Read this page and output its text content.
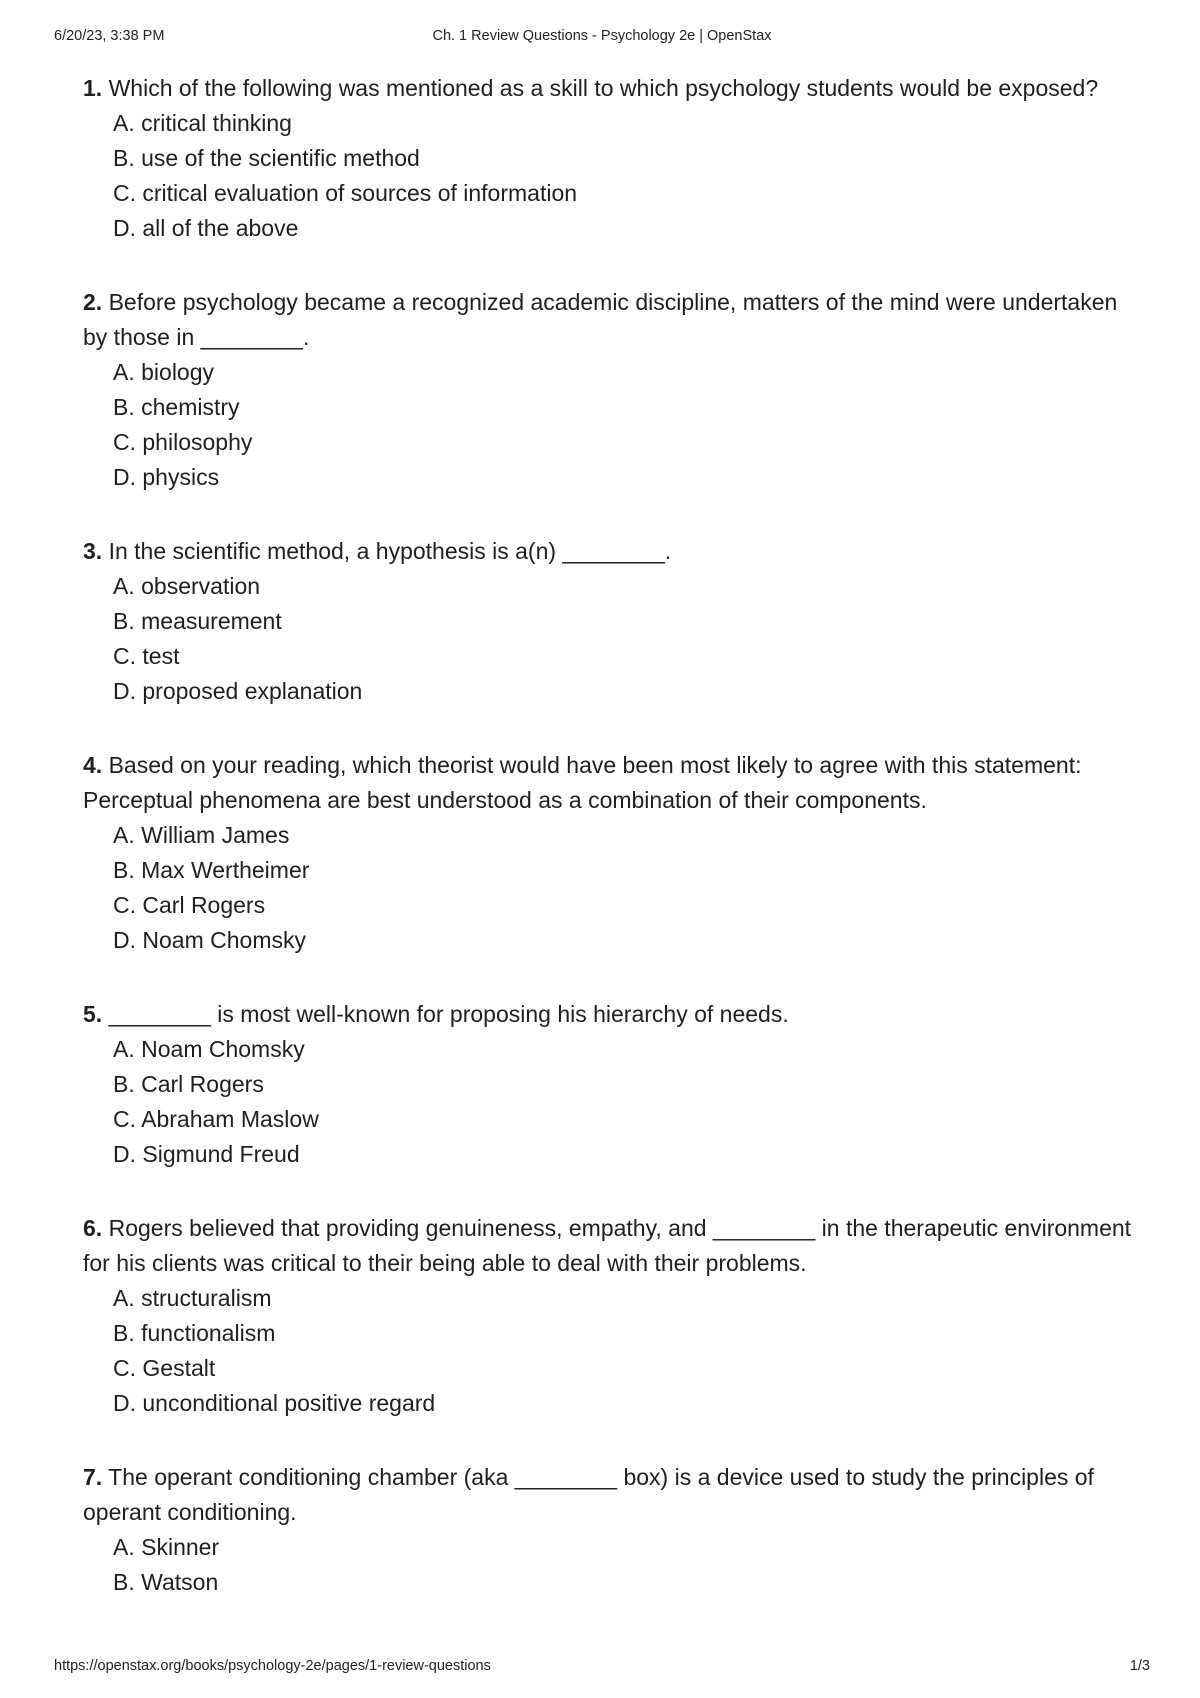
6/20/23, 3:38 PM	Ch. 1 Review Questions - Psychology 2e | OpenStax

1. Which of the following was mentioned as a skill to which psychology students would be exposed?

A. critical thinking
B. use of the scientific method
C. critical evaluation of sources of information
D. all of the above

2. Before psychology became a recognized academic discipline, matters of the mind were undertaken by those in ________.

A. biology
B. chemistry
C. philosophy
D. physics

3. In the scientific method, a hypothesis is a(n) ________.

A. observation
B. measurement
C. test
D. proposed explanation

4. Based on your reading, which theorist would have been most likely to agree with this statement: Perceptual phenomena are best understood as a combination of their components.

A. William James
B. Max Wertheimer
C. Carl Rogers
D. Noam Chomsky

5. ________ is most well-known for proposing his hierarchy of needs.

A. Noam Chomsky
B. Carl Rogers
C. Abraham Maslow
D. Sigmund Freud

6. Rogers believed that providing genuineness, empathy, and ________ in the therapeutic environment for his clients was critical to their being able to deal with their problems.

A. structuralism
B. functionalism
C. Gestalt
D. unconditional positive regard

7. The operant conditioning chamber (aka ________ box) is a device used to study the principles of operant conditioning.

A. Skinner
B. Watson
https://openstax.org/books/psychology-2e/pages/1-review-questions	1/3
